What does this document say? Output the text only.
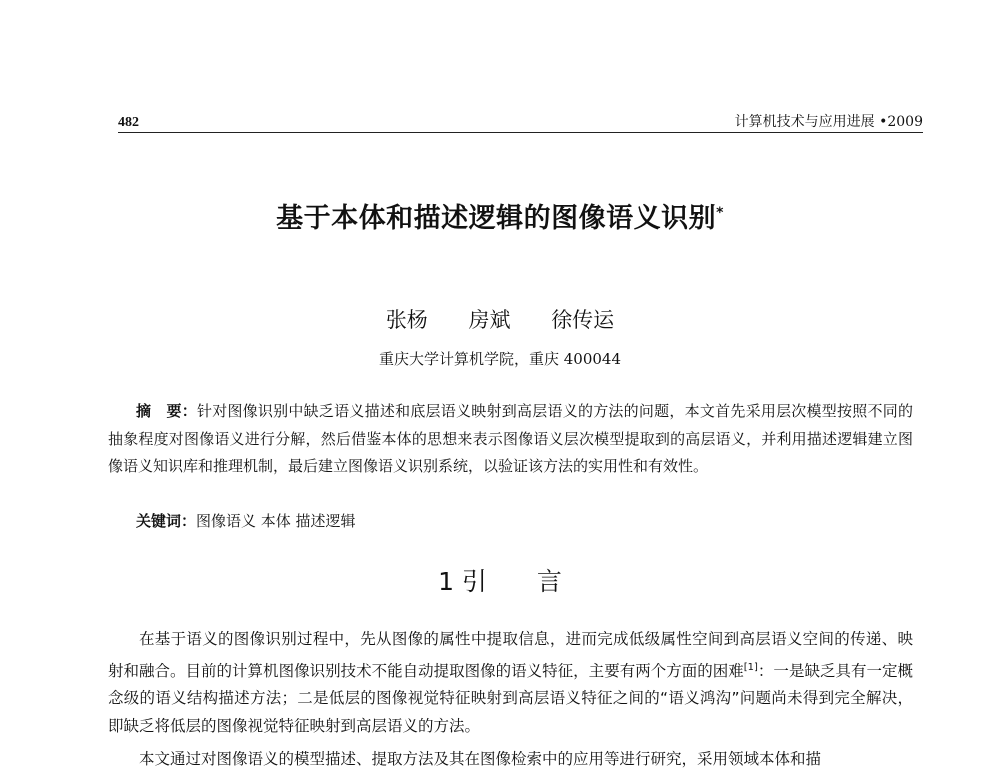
482	计算机技术与应用进展 •2009
基于本体和描述逻辑的图像语义识别*
张杨 房斌 徐传运
重庆大学计算机学院，重庆 400044
摘　要：针对图像识别中缺乏语义描述和底层语义映射到高层语义的方法的问题，本文首先采用层次模型按照不同的抽象程度对图像语义进行分解，然后借鉴本体的思想来表示图像语义层次模型提取到的高层语义，并利用描述逻辑建立图像语义知识库和推理机制，最后建立图像语义识别系统，以验证该方法的实用性和有效性。
关键词：图像语义 本体 描述逻辑
1 引　　言

在基于语义的图像识别过程中，先从图像的属性中提取信息，进而完成低级属性空间到高层语义空间的传递、映射和融合。目前的计算机图像识别技术不能自动提取图像的语义特征，主要有两个方面的困难[1]：一是缺乏具有一定概念级的语义结构描述方法；二是低层的图像视觉特征映射到高层语义特征之间的“语义鸿沟”问题尚未得到完全解决，即缺乏将低层的图像视觉特征映射到高层语义的方法。

本文通过对图像语义的模型描述、提取方法及其在图像检索中的应用等进行研究，采用领域本体和描
